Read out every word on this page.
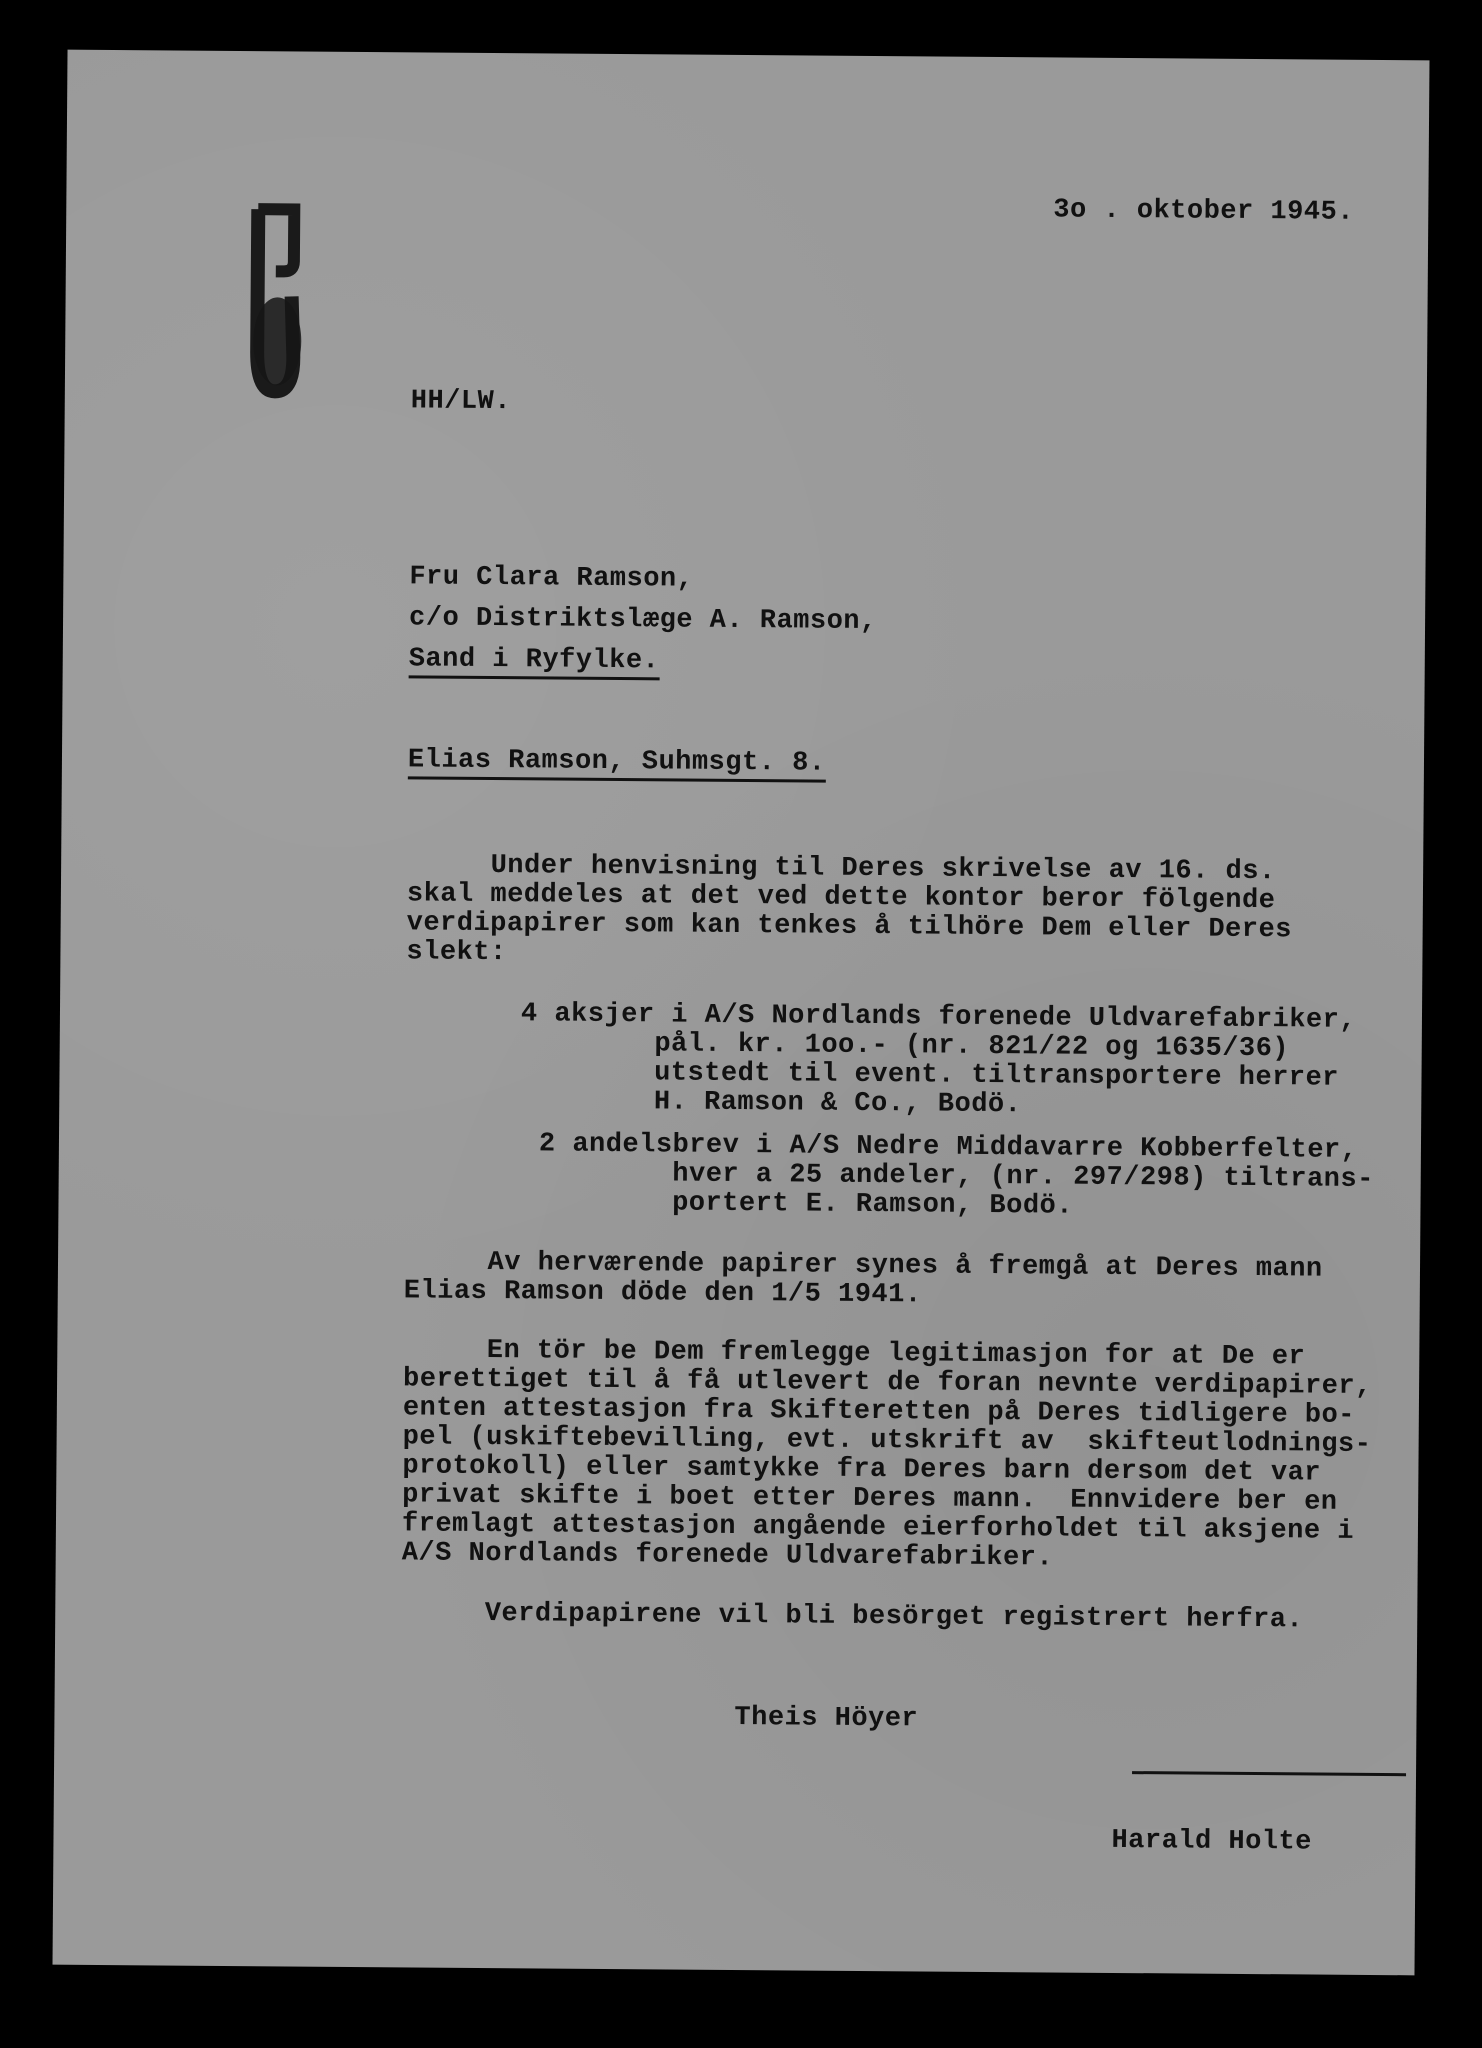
3o . oktober 1945.
HH/LW.
Fru Clara Ramson,
c/o Distriktslæge A. Ramson,
Sand i Ryfylke.
Elias Ramson, Suhmsgt. 8.
Under henvisning til Deres skrivelse av 16. ds.
skal meddeles at det ved dette kontor beror fölgende
verdipapirer som kan tenkes å tilhöre Dem eller Deres
slekt:
4 aksjer i A/S Nordlands forenede Uldvarefabriker,
pål. kr. 1oo.- (nr. 821/22 og 1635/36)
utstedt til event. tiltransportere herrer
H. Ramson & Co., Bodö.
2 andelsbrev i A/S Nedre Middavarre Kobberfelter,
hver a 25 andeler, (nr. 297/298) tiltrans-
portert E. Ramson, Bodö.
Av herværende papirer synes å fremgå at Deres mann
Elias Ramson döde den 1/5 1941.
En tör be Dem fremlegge legitimasjon for at De er
berettiget til å få utlevert de foran nevnte verdipapirer,
enten attestasjon fra Skifteretten på Deres tidligere bo-
pel (uskiftebevilling, evt. utskrift av  skifteutlodnings-
protokoll) eller samtykke fra Deres barn dersom det var
privat skifte i boet etter Deres mann.  Ennvidere ber en
fremlagt attestasjon angående eierforholdet til aksjene i
A/S Nordlands forenede Uldvarefabriker.
Verdipapirene vil bli besörget registrert herfra.
Theis Höyer
Harald Holte
